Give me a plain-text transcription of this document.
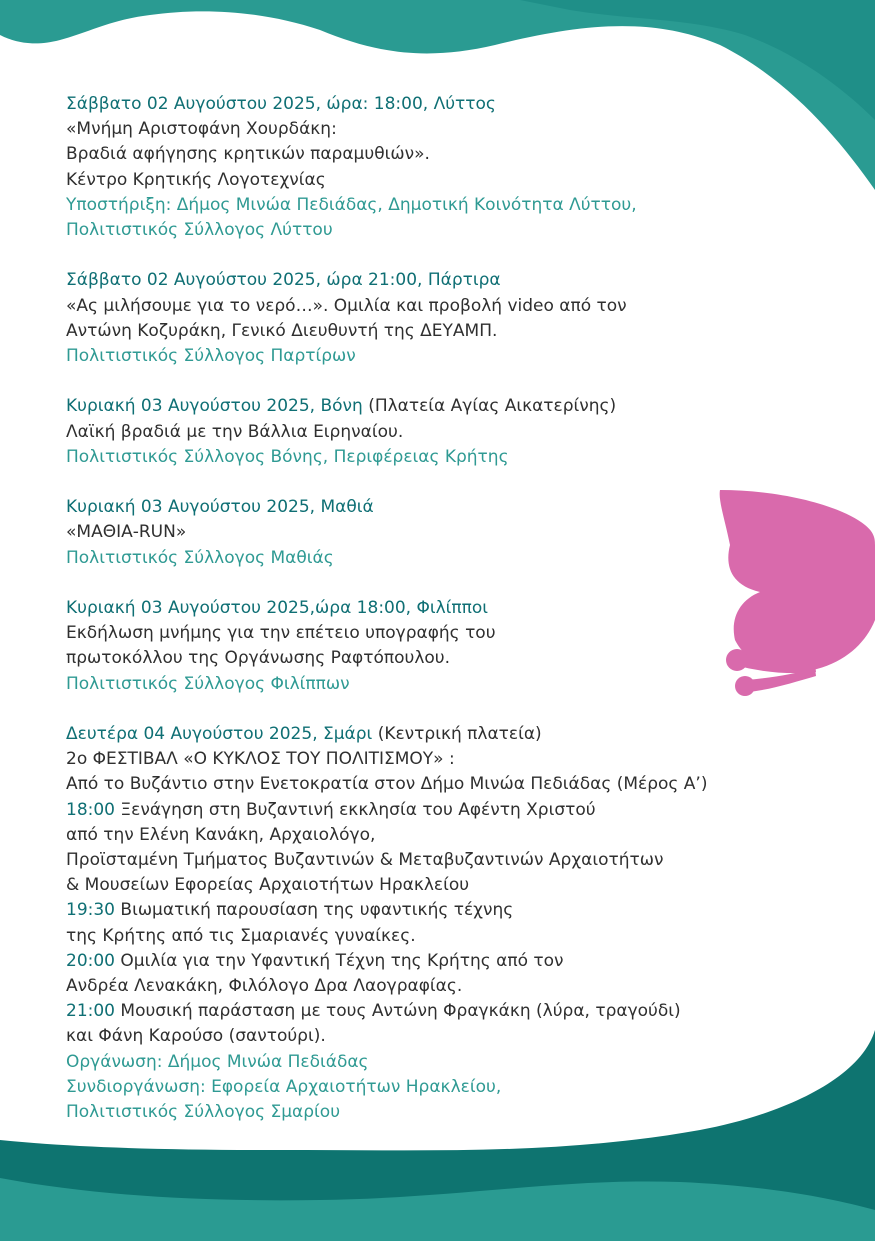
Σάββατο 02 Αυγούστου 2025, ώρα: 18:00, Λύττος
«Μνήμη Αριστοφάνη Χουρδάκη:
Βραδιά αφήγησης κρητικών παραμυθιών».
Κέντρο Κρητικής Λογοτεχνίας
Υποστήριξη: Δήμος Μινώα Πεδιάδας, Δημοτική Κοινότητα Λύττου,
Πολιτιστικός Σύλλογος Λύττου
Σάββατο 02 Αυγούστου 2025, ώρα 21:00, Πάρτιρα
«Ας μιλήσουμε για το νερό…». Ομιλία και προβολή video από τον
Αντώνη Κοζυράκη, Γενικό Διευθυντή της ΔΕΥΑΜΠ.
Πολιτιστικός Σύλλογος Παρτίρων
Κυριακή 03 Αυγούστου 2025, Βόνη (Πλατεία Αγίας Αικατερίνης)
Λαϊκή βραδιά με την Βάλλια Ειρηναίου.
Πολιτιστικός Σύλλογος Βόνης, Περιφέρειας Κρήτης
Κυριακή 03 Αυγούστου 2025, Μαθιά
«ΜΑΘΙΑ-RUN»
Πολιτιστικός Σύλλογος Μαθιάς
Κυριακή 03 Αυγούστου 2025,ώρα 18:00, Φιλίπποι
Εκδήλωση μνήμης για την επέτειο υπογραφής του
πρωτοκόλλου της Οργάνωσης Ραφτόπουλου.
Πολιτιστικός Σύλλογος Φιλίππων
Δευτέρα 04 Αυγούστου 2025, Σμάρι (Κεντρική πλατεία)
2ο ΦΕΣΤΙΒΑΛ «Ο ΚΥΚΛΟΣ ΤΟΥ ΠΟΛΙΤΙΣΜΟΥ» :
Από το Βυζάντιο στην Ενετοκρατία στον Δήμο Μινώα Πεδιάδας (Μέρος Α’)
18:00 Ξενάγηση στη Βυζαντινή εκκλησία του Αφέντη Χριστού
από την Ελένη Κανάκη, Αρχαιολόγο,
Προϊσταμένη Τμήματος Βυζαντινών & Μεταβυζαντινών Αρχαιοτήτων
& Μουσείων Εφορείας Αρχαιοτήτων Ηρακλείου
19:30 Βιωματική παρουσίαση της υφαντικής τέχνης
της Κρήτης από τις Σμαριανές γυναίκες.
20:00 Ομιλία για την Υφαντική Τέχνη της Κρήτης από τον
Ανδρέα Λενακάκη, Φιλόλογο Δρα Λαογραφίας.
21:00 Μουσική παράσταση με τους Αντώνη Φραγκάκη (λύρα, τραγούδι)
και Φάνη Καρούσο (σαντούρι).
Οργάνωση: Δήμος Μινώα Πεδιάδας
Συνδιοργάνωση: Εφορεία Αρχαιοτήτων Ηρακλείου,
Πολιτιστικός Σύλλογος Σμαρίου
